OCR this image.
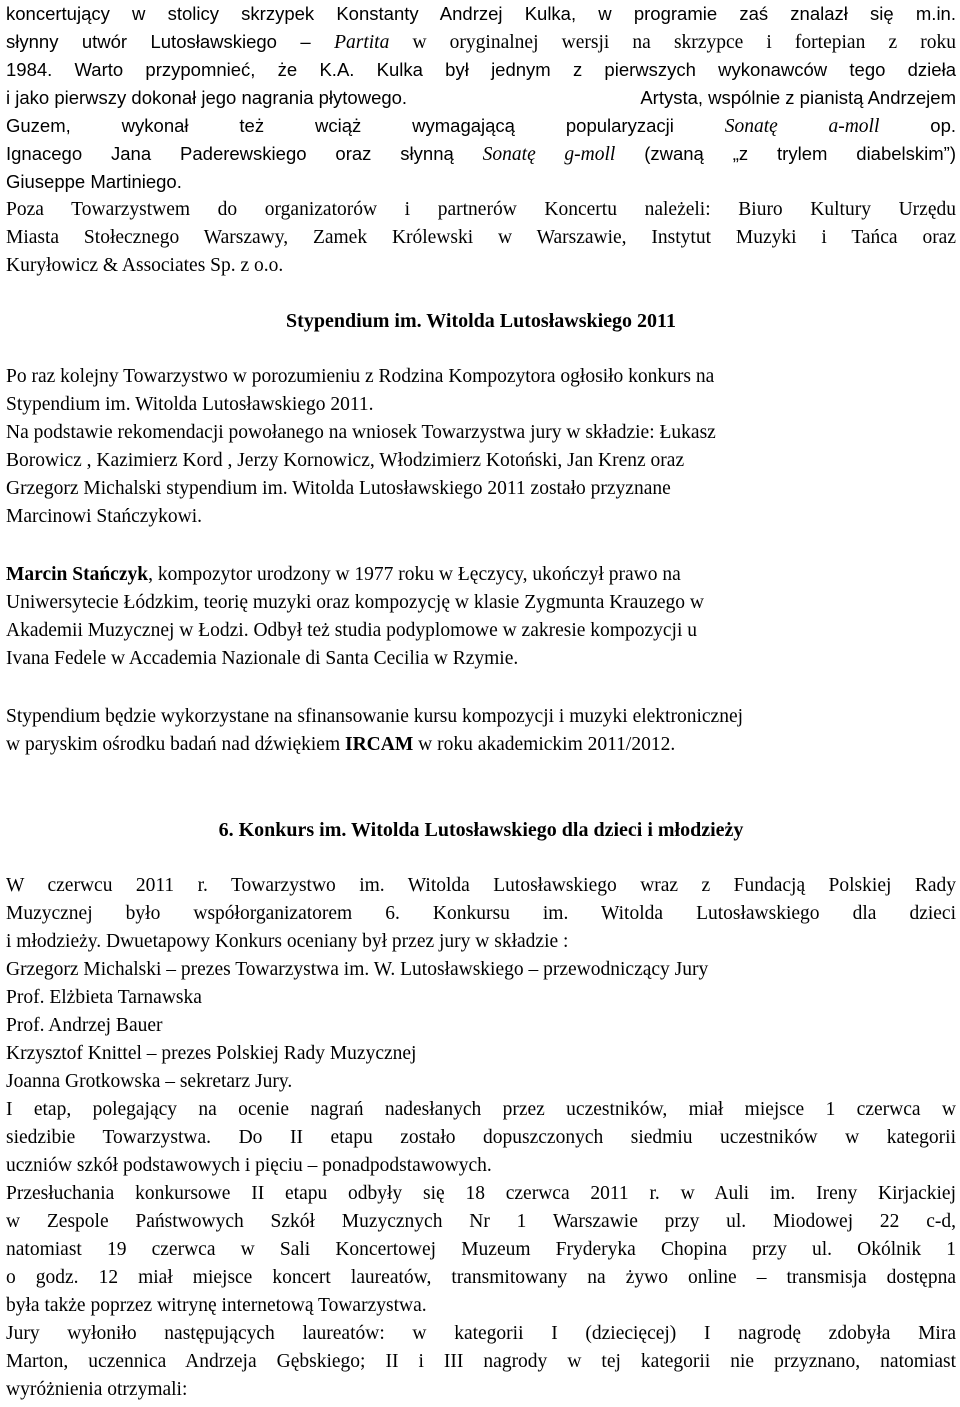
koncertujący w stolicy skrzypek Konstanty Andrzej Kulka, w programie zaś znalazł się m.in.
słynny utwór Lutosławskiego – Partita w oryginalnej wersji na skrzypce i fortepian z roku
1984. Warto przypomnieć, że K.A. Kulka był jednym z pierwszych wykonawców tego dzieła
i jako pierwszy dokonał jego nagrania płytowego.	Artysta, wspólnie z pianistą Andrzejem
Guzem, wykonał też wciąż wymagającą popularyzacji Sonatę a-moll op.
Ignacego Jana Paderewskiego oraz słynną Sonatę g-moll (zwaną „z trylem diabelskim”)
Giuseppe Martiniego.
Poza Towarzystwem do organizatorów i partnerów Koncertu należeli: Biuro Kultury Urzędu
Miasta Stołecznego Warszawy, Zamek Królewski w Warszawie, Instytut Muzyki i Tańca oraz
Kuryłowicz & Associates Sp. z o.o.
Stypendium im. Witolda Lutosławskiego 2011
Po raz kolejny Towarzystwo w porozumieniu z Rodzina Kompozytora ogłosiło konkurs na
Stypendium im. Witolda Lutosławskiego 2011.
Na podstawie rekomendacji powołanego na wniosek Towarzystwa jury w składzie: Łukasz
Borowicz , Kazimierz Kord , Jerzy Kornowicz, Włodzimierz Kotoński, Jan Krenz oraz
Grzegorz Michalski stypendium im. Witolda Lutosławskiego 2011 zostało przyznane
Marcinowi Stańczykowi.
Marcin Stańczyk, kompozytor urodzony w 1977 roku w Łęczycy, ukończył prawo na
Uniwersytecie Łódzkim, teorię muzyki oraz kompozycję w klasie Zygmunta Krauzego w
Akademii Muzycznej w Łodzi. Odbył też studia podyplomowe w zakresie kompozycji u
Ivana Fedele w Accademia Nazionale di Santa Cecilia w Rzymie.
Stypendium będzie wykorzystane na sfinansowanie kursu kompozycji i muzyki elektronicznej
w paryskim ośrodku badań nad dźwiękiem IRCAM w roku akademickim 2011/2012.
6. Konkurs im. Witolda Lutosławskiego dla dzieci i młodzieży
W czerwcu 2011 r. Towarzystwo im. Witolda Lutosławskiego wraz z Fundacją Polskiej Rady
Muzycznej było współorganizatorem 6. Konkursu im. Witolda Lutosławskiego dla dzieci
i młodzieży. Dwuetapowy Konkurs oceniany był przez jury w składzie :
Grzegorz Michalski – prezes Towarzystwa im. W. Lutosławskiego – przewodniczący Jury
Prof. Elżbieta Tarnawska
Prof. Andrzej Bauer
Krzysztof Knittel – prezes Polskiej Rady Muzycznej
Joanna Grotkowska – sekretarz Jury.
I etap, polegający na ocenie nagrań nadesłanych przez uczestników, miał miejsce 1 czerwca w
siedzibie Towarzystwa. Do II etapu zostało dopuszczonych siedmiu uczestników w kategorii
uczniów szkół podstawowych i pięciu – ponadpodstawowych.
Przesłuchania konkursowe II etapu odbyły się 18 czerwca 2011 r. w Auli im. Ireny Kirjackiej
w Zespole Państwowych Szkół Muzycznych Nr 1 Warszawie przy ul. Miodowej 22 c-d,
natomiast 19 czerwca w Sali Koncertowej Muzeum Fryderyka Chopina przy ul. Okólnik 1
o godz. 12 miał miejsce koncert laureatów, transmitowany na żywo online – transmisja dostępna
była także poprzez witrynę internetową Towarzystwa.
Jury wyłoniło następujących laureatów: w kategorii I (dziecięcej) I nagrodę zdobyła Mira
Marton, uczennica Andrzeja Gębskiego; II i III nagrody w tej kategorii nie przyznano, natomiast
wyróżnienia otrzymali:
